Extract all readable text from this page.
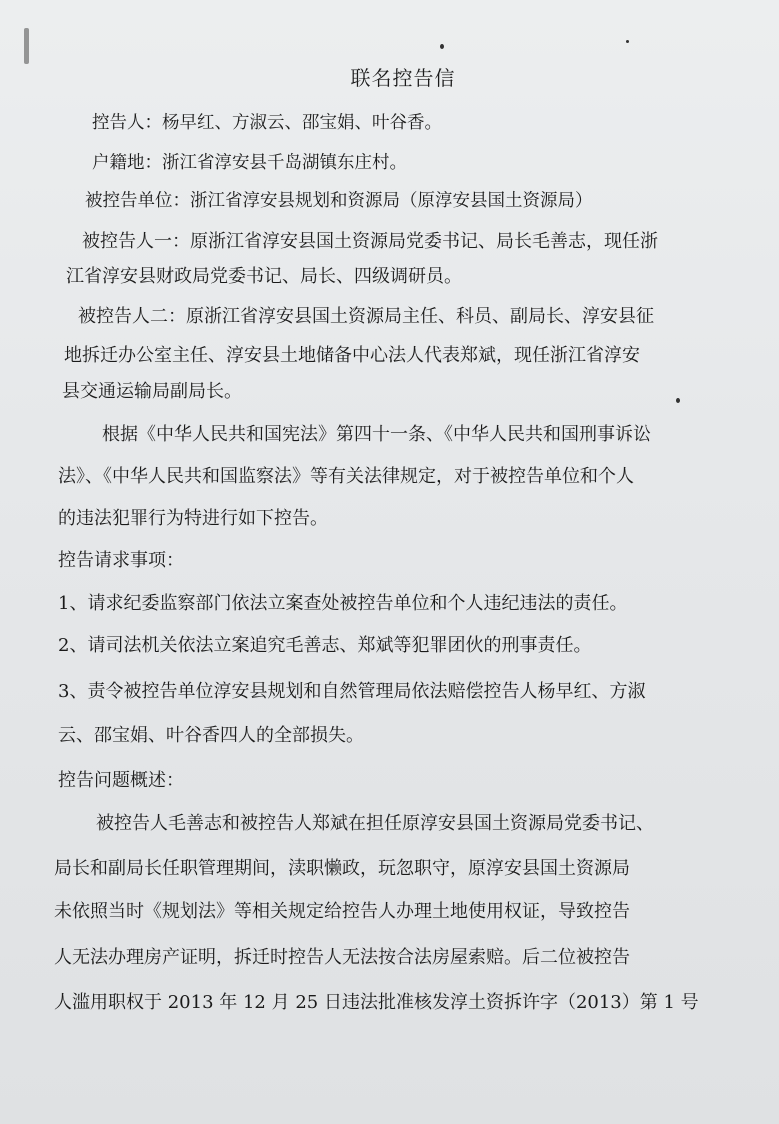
联名控告信
控告人：杨早红、方淑云、邵宝娟、叶谷香。
户籍地：浙江省淳安县千岛湖镇东庄村。
被控告单位：浙江省淳安县规划和资源局（原淳安县国土资源局）
被控告人一：原浙江省淳安县国土资源局党委书记、局长毛善志，现任浙
江省淳安县财政局党委书记、局长、四级调研员。
被控告人二：原浙江省淳安县国土资源局主任、科员、副局长、淳安县征
地拆迁办公室主任、淳安县土地储备中心法人代表郑斌，现任浙江省淳安
县交通运输局副局长。
根据《中华人民共和国宪法》第四十一条、《中华人民共和国刑事诉讼
法》、《中华人民共和国监察法》等有关法律规定，对于被控告单位和个人
的违法犯罪行为特进行如下控告。
控告请求事项：
1、请求纪委监察部门依法立案查处被控告单位和个人违纪违法的责任。
2、请司法机关依法立案追究毛善志、郑斌等犯罪团伙的刑事责任。
3、责令被控告单位淳安县规划和自然管理局依法赔偿控告人杨早红、方淑
云、邵宝娟、叶谷香四人的全部损失。
控告问题概述：
被控告人毛善志和被控告人郑斌在担任原淳安县国土资源局党委书记、
局长和副局长任职管理期间，渎职懒政，玩忽职守，原淳安县国土资源局
未依照当时《规划法》等相关规定给控告人办理土地使用权证，导致控告
人无法办理房产证明，拆迁时控告人无法按合法房屋索赔。后二位被控告
人滥用职权于 2013 年 12 月 25 日违法批准核发淳土资拆许字（2013）第 1 号
